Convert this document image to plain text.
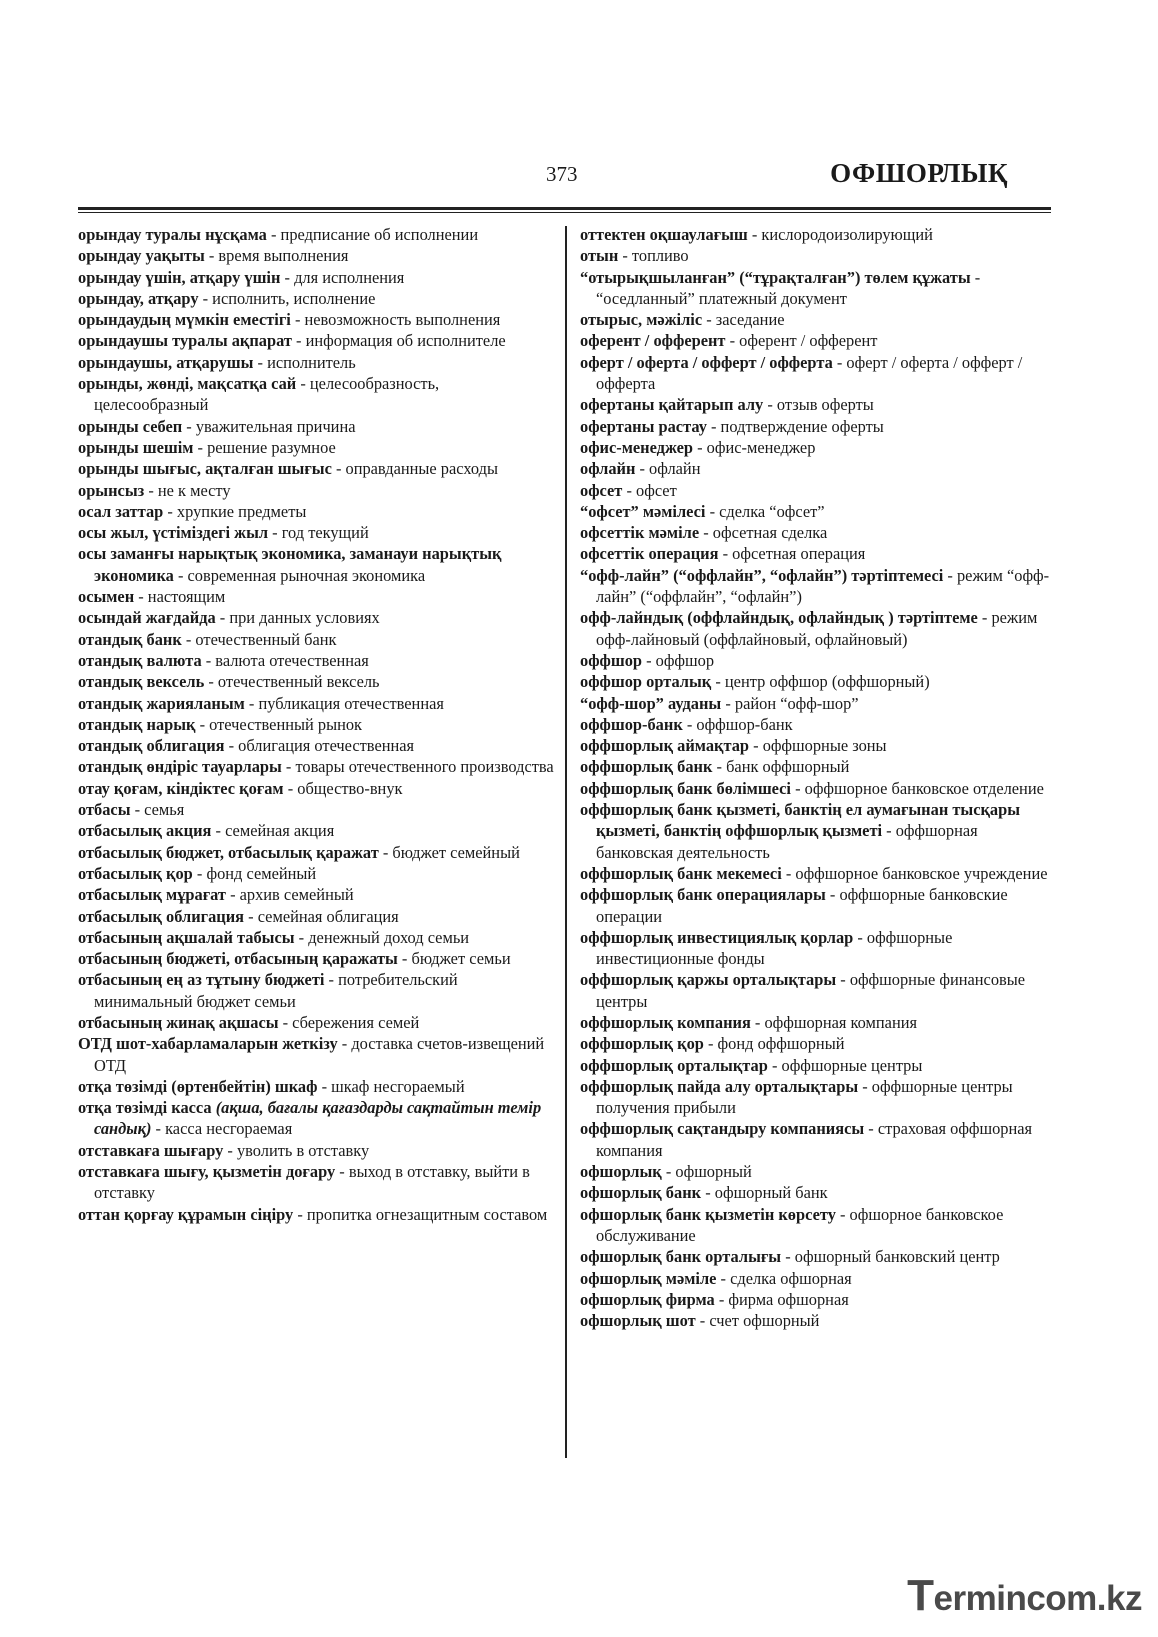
373	ОФШОРЛЫҚ
орындау туралы нұсқама - предписание об исполнении
орындау уақыты - время выполнения
орындау үшін, атқару үшін - для исполнения
орындау, атқару - исполнить, исполнение
орындаудың мүмкін еместігі - невозможность выполнения
орындаушы туралы ақпарат - информация об исполнителе
орындаушы, атқарушы - исполнитель
орынды, жөнді, мақсатқа сай - целесообразность, целесообразный
орынды себеп - уважительная причина
орынды шешім - решение разумное
орынды шығыс, ақталған шығыс - оправданные расходы
орынсыз - не к месту
осал заттар - хрупкие предметы
осы жыл, үстіміздегі жыл - год текущий
осы заманғы нарықтық экономика, заманауи нарықтық экономика - современная рыночная экономика
осымен - настоящим
осындай жағдайда - при данных условиях
отандық банк - отечественный банк
отандық валюта - валюта отечественная
отандық вексель - отечественный вексель
отандық жарияланым - публикация отечественная
отандық нарық - отечественный рынок
отандық облигация - облигация отечественная
отандық өндіріс тауарлары - товары отечественного производства
отау қоғам, кіндіктес қоғам - общество-внук
отбасы - семья
отбасылық акция - семейная акция
отбасылық бюджет, отбасылық қаражат - бюджет семейный
отбасылық қор - фонд семейный
отбасылық мұрағат - архив семейный
отбасылық облигация - семейная облигация
отбасының ақшалай табысы - денежный доход семьи
отбасының бюджеті, отбасының қаражаты - бюджет семьи
отбасының ең аз тұтыну бюджеті - потребительский минимальный бюджет семьи
отбасының жинақ ақшасы - сбережения семей
ОТД шот-хабарламаларын жеткізу - доставка счетов-извещений ОТД
отқа төзімді (өртенбейтін) шкаф - шкаф несгораемый
отқа төзімді касса (ақша, бағалы қағаздарды сақтайтын темір сандық) - касса несгораемая
отставкаға шығару - уволить в отставку
отставкаға шығу, қызметін доғару - выход в отставку, выйти в отставку
оттан қорғау құрамын сіңіру - пропитка огнезащитным составом
оттектен оқшаулағыш - кислородоизолирующий
отын - топливо
“отырықшыланған” (“тұрақталған”) төлем құжаты - “оседланный” платежный документ
отырыс, мәжіліс - заседание
оферент / офферент - оферент / офферент
оферт / оферта / офферт / офферта - оферт / оферта / офферт / офферта
офертаны қайтарып алу - отзыв оферты
офертаны растау - подтверждение оферты
офис-менеджер - офис-менеджер
офлайн - офлайн
офсет - офсет
“офсет” мәмілесі - сделка “офсет”
офсеттік мәміле - офсетная сделка
офсеттік операция - офсетная операция
“офф-лайн” (“оффлайн”, “офлайн”) тәртіптемесі - режим “офф-лайн” (“оффлайн”, “офлайн”)
офф-лайндық (оффлайндық, офлайндық ) тәртіптеме - режим офф-лайновый (оффлайновый, офлайновый)
оффшор - оффшор
оффшор орталық - центр оффшор (оффшорный)
“офф-шор” ауданы - район “офф-шор”
оффшор-банк - оффшор-банк
оффшорлық аймақтар - оффшорные зоны
оффшорлық банк - банк оффшорный
оффшорлық банк бөлімшесі - оффшорное банковское отделение
оффшорлық банк қызметі, банктің ел аумағынан тысқары қызметі, банктің оффшорлық қызметі - оффшорная банковская деятельность
оффшорлық банк мекемесі - оффшорное банковское учреждение
оффшорлық банк операциялары - оффшорные банковские операции
оффшорлық инвестициялық қорлар - оффшорные инвестиционные фонды
оффшорлық қаржы орталықтары - оффшорные финансовые центры
оффшорлық компания - оффшорная компания
оффшорлық қор - фонд оффшорный
оффшорлық орталықтар - оффшорные центры
оффшорлық пайда алу орталықтары - оффшорные центры получения прибыли
оффшорлық сақтандыру компаниясы - страховая оффшорная компания
офшорлық - офшорный
офшорлық банк - офшорный банк
офшорлық банк қызметін көрсету - офшорное банковское обслуживание
офшорлық банк орталығы - офшорный банковский центр
офшорлық мәміле - сделка офшорная
офшорлық фирма - фирма офшорная
офшорлық шот - счет офшорный
Termincom.kz
